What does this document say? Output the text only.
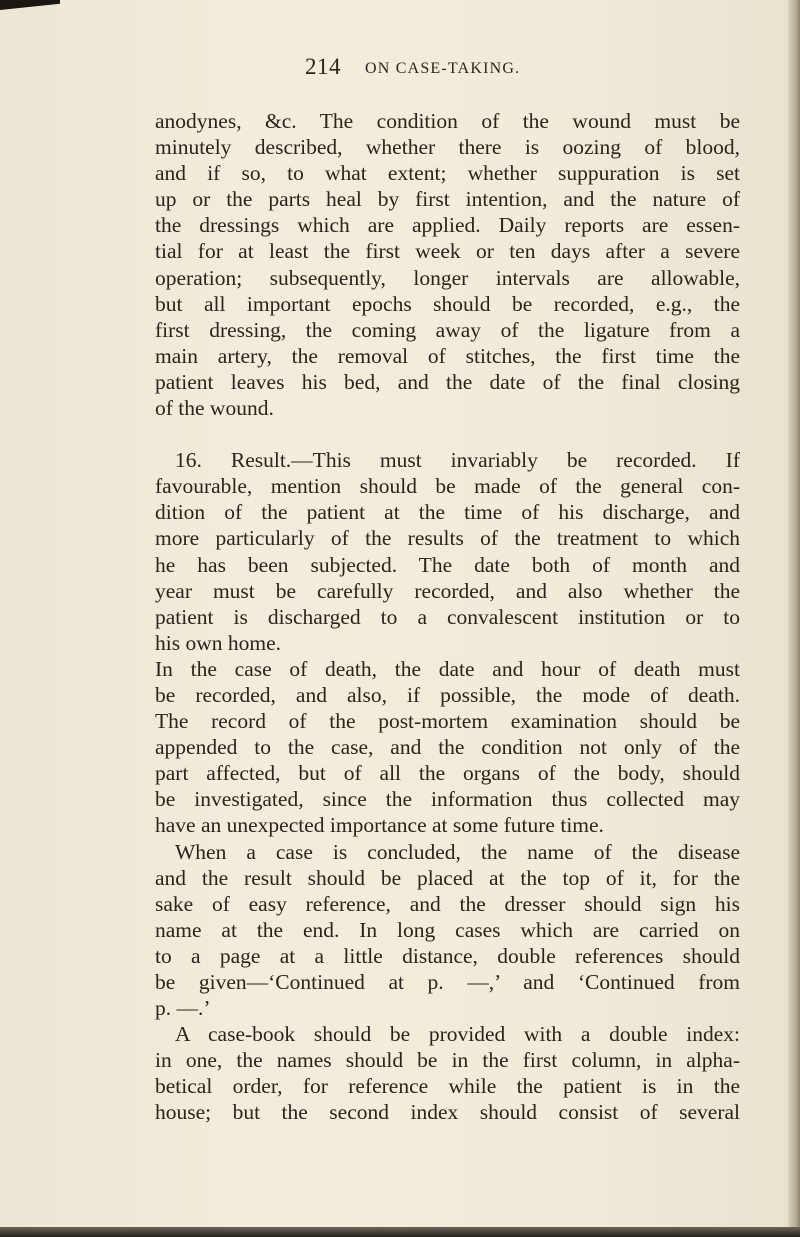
214 ON CASE-TAKING.
anodynes, &c. The condition of the wound must be
minutely described, whether there is oozing of blood,
and if so, to what extent; whether suppuration is set
up or the parts heal by first intention, and the nature of
the dressings which are applied. Daily reports are essen-
tial for at least the first week or ten days after a severe
operation; subsequently, longer intervals are allowable,
but all important epochs should be recorded, e.g., the
first dressing, the coming away of the ligature from a
main artery, the removal of stitches, the first time the
patient leaves his bed, and the date of the final closing
of the wound.
16. Result.—This must invariably be recorded. If
favourable, mention should be made of the general con-
dition of the patient at the time of his discharge, and
more particularly of the results of the treatment to which
he has been subjected. The date both of month and
year must be carefully recorded, and also whether the
patient is discharged to a convalescent institution or to
his own home.
In the case of death, the date and hour of death must
be recorded, and also, if possible, the mode of death.
The record of the post-mortem examination should be
appended to the case, and the condition not only of the
part affected, but of all the organs of the body, should
be investigated, since the information thus collected may
have an unexpected importance at some future time.
When a case is concluded, the name of the disease
and the result should be placed at the top of it, for the
sake of easy reference, and the dresser should sign his
name at the end. In long cases which are carried on
to a page at a little distance, double references should
be given—‘Continued at p. —,’ and ‘Continued from
p. —.’
A case-book should be provided with a double index:
in one, the names should be in the first column, in alpha-
betical order, for reference while the patient is in the
house; but the second index should consist of several
